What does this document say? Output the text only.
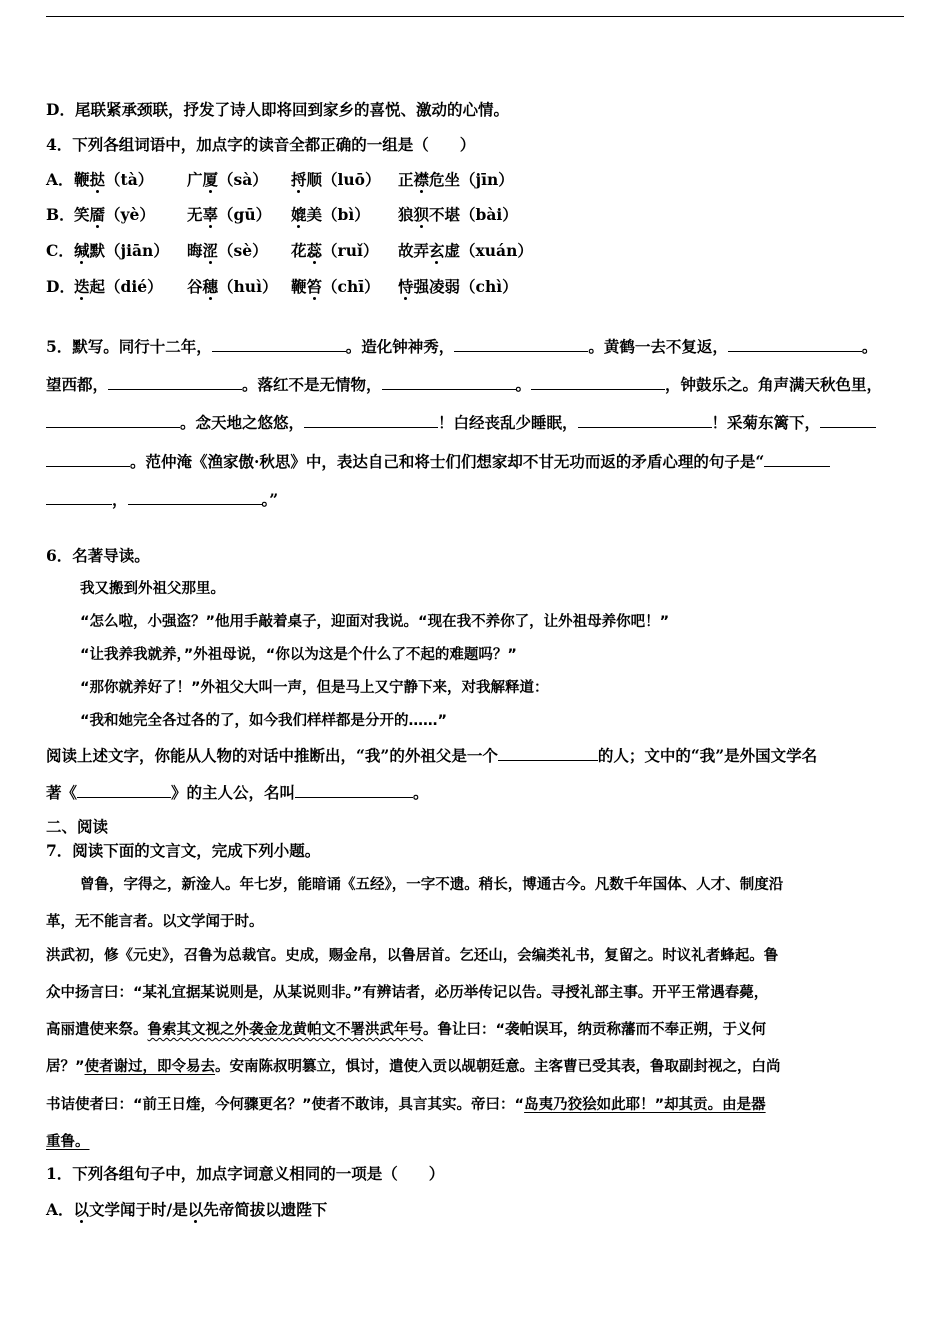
D．尾联紧承颈联，抒发了诗人即将回到家乡的喜悦、激动的心情。
4．下列各组词语中，加点字的读音全都正确的一组是（　　）
A． 鞭挞（tà） 广厦（sà） 捋顺（luō） 正襟危坐（jīn）
B． 笑靥（yè） 无辜（gū） 媲美（bì） 狼狈不堪（bài）
C． 缄默（jiān） 晦涩（sè） 花蕊（ruǐ） 故弄玄虚（xuán）
D． 迭起（dié） 谷穗（huì） 鞭笞（chī） 恃强凌弱（chì）
5．默写。同行十二年，	。造化钟神秀，	。黄鹤一去不复返，	。
望西都，	。落红不是无情物，	。	，钟鼓乐之。角声满天秋色里，
。念天地之悠悠，	！白经丧乱少睡眠，	！采菊东篱下，
。范仲淹《渔家傲·秋思》中，表达自己和将士们们想家却不甘无功而返的矛盾心理的句子是“
，	。”
6．名著导读。
我又搬到外祖父那里。
“怎么啦，小强盗？”他用手敲着桌子，迎面对我说。“现在我不养你了，让外祖母养你吧！”
“让我养我就养，”外祖母说，“你以为这是个什么了不起的难题吗？”
“那你就养好了！”外祖父大叫一声，但是马上又宁静下来，对我解释道：
“我和她完全各过各的了，如今我们样样都是分开的……”
阅读上述文字，你能从人物的对话中推断出，“我”的外祖父是一个	的人；文中的“我”是外国文学名
著《	》的主人公，名叫	。
二、阅读
7．阅读下面的文言文，完成下列小题。
曾鲁，字得之，新淦人。年七岁，能暗诵《五经》，一字不遗。稍长，博通古今。凡数千年国体、人才、制度沿
革，无不能言者。以文学闻于时。
洪武初，修《元史》，召鲁为总裁官。史成，赐金帛，以鲁居首。乞还山，会编类礼书，复留之。时议礼者蜂起。鲁
众中扬言曰：“某礼宜据某说则是，从某说则非。”有辨诘者，必历举传记以告。寻授礼部主事。开平王常遇春薨，
高丽遣使来祭。鲁索其文视之外袭金龙黄帕文不署洪武年号。鲁让曰：“袭帕误耳，纳贡称藩而不奉正朔，于义何
居？”使者谢过，即令易去。安南陈叔明篡立，惧讨，遣使入贡以觇朝廷意。主客曹已受其表，鲁取副封视之，白尚
书诘使者曰：“前王日煃，今何骤更名？”使者不敢讳，具言其实。帝曰：“岛夷乃狡狯如此耶！”却其贡。由是器
重鲁。
1．下列各组句子中，加点字词意义相同的一项是（　　）
A．以文学闻于时/是以先帝简拔以遗陛下
